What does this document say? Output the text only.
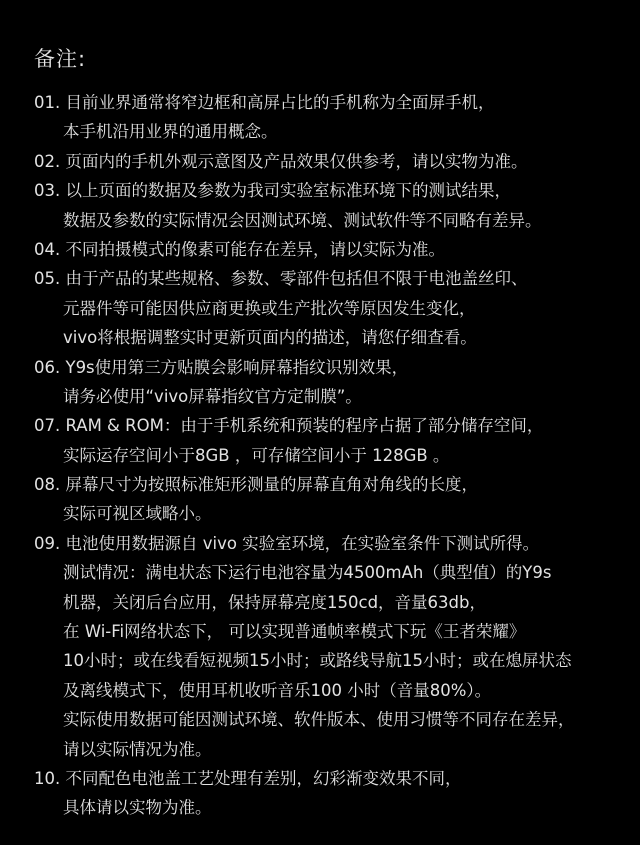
备注:
01. 目前业界通常将窄边框和高屏占比的手机称为全面屏手机，
本手机沿用业界的通用概念。
02. 页面内的手机外观示意图及产品效果仅供参考，请以实物为准。
03. 以上页面的数据及参数为我司实验室标准环境下的测试结果，
数据及参数的实际情况会因测试环境、测试软件等不同略有差异。
04. 不同拍摄模式的像素可能存在差异，请以实际为准。
05. 由于产品的某些规格、参数、零部件包括但不限于电池盖丝印、
元器件等可能因供应商更换或生产批次等原因发生变化，
vivo将根据调整实时更新页面内的描述，请您仔细查看。
06. Y9s使用第三方贴膜会影响屏幕指纹识别效果，
请务必使用“vivo屏幕指纹官方定制膜”。
07. RAM & ROM：由于手机系统和预装的程序占据了部分储存空间，
实际运存空间小于8GB ，可存储空间小于 128GB 。
08. 屏幕尺寸为按照标准矩形测量的屏幕直角对角线的长度，
实际可视区域略小。
09. 电池使用数据源自 vivo 实验室环境，在实验室条件下测试所得。
测试情况：满电状态下运行电池容量为4500mAh（典型值）的Y9s
机器，关闭后台应用，保持屏幕亮度150cd，音量63db，
在 Wi-Fi网络状态下， 可以实现普通帧率模式下玩《王者荣耀》
10小时；或在线看短视频15小时；或路线导航15小时；或在熄屏状态
及离线模式下，使用耳机收听音乐100 小时（音量80%）。
实际使用数据可能因测试环境、软件版本、使用习惯等不同存在差异，
请以实际情况为准。
10. 不同配色电池盖工艺处理有差别，幻彩渐变效果不同，
具体请以实物为准。
